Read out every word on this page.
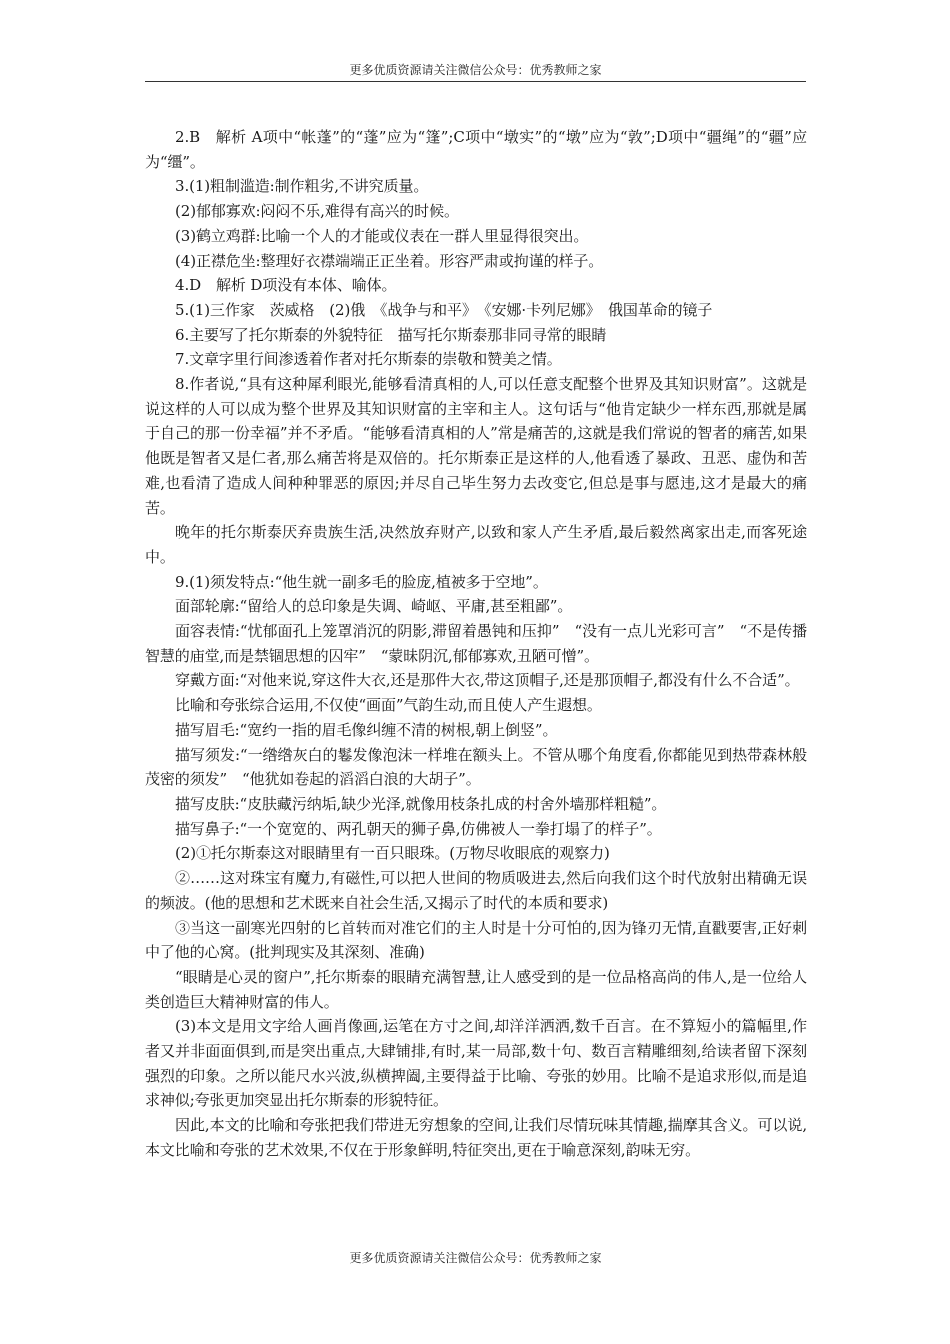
更多优质资源请关注微信公众号：优秀教师之家

2.B　解析 A项中“帐蓬”的“蓬”应为“篷”;C项中“墩实”的“墩”应为“敦”;D项中“疆绳”的“疆”应为“缰”。

3.(1)粗制滥造:制作粗劣,不讲究质量。

(2)郁郁寡欢:闷闷不乐,难得有高兴的时候。

(3)鹤立鸡群:比喻一个人的才能或仪表在一群人里显得很突出。

(4)正襟危坐:整理好衣襟端端正正坐着。形容严肃或拘谨的样子。

4.D　解析 D项没有本体、喻体。

5.(1)三作家　茨威格　(2)俄　《战争与和平》　《安娜·卡列尼娜》　俄国革命的镜子

6.主要写了托尔斯泰的外貌特征　描写托尔斯泰那非同寻常的眼睛

7.文章字里行间渗透着作者对托尔斯泰的崇敬和赞美之情。

8.作者说,“具有这种犀利眼光,能够看清真相的人,可以任意支配整个世界及其知识财富”。这就是说这样的人可以成为整个世界及其知识财富的主宰和主人。这句话与“他肯定缺少一样东西,那就是属于自己的那一份幸福”并不矛盾。“能够看清真相的人”常是痛苦的,这就是我们常说的智者的痛苦,如果他既是智者又是仁者,那么痛苦将是双倍的。托尔斯泰正是这样的人,他看透了暴政、丑恶、虚伪和苦难,也看清了造成人间种种罪恶的原因;并尽自己毕生努力去改变它,但总是事与愿违,这才是最大的痛苦。

晚年的托尔斯泰厌弃贵族生活,决然放弃财产,以致和家人产生矛盾,最后毅然离家出走,而客死途中。

9.(1)须发特点:“他生就一副多毛的脸庞,植被多于空地”。

面部轮廓:“留给人的总印象是失调、崎岖、平庸,甚至粗鄙”。

面容表情:“忧郁面孔上笼罩消沉的阴影,滞留着愚钝和压抑”　“没有一点儿光彩可言”　“不是传播智慧的庙堂,而是禁锢思想的囚牢”　“蒙昧阴沉,郁郁寡欢,丑陋可憎”。

穿戴方面:“对他来说,穿这件大衣,还是那件大衣,带这顶帽子,还是那顶帽子,都没有什么不合适”。

比喻和夸张综合运用,不仅使“画面”气韵生动,而且使人产生遐想。

描写眉毛:“宽约一指的眉毛像纠缠不清的树根,朝上倒竖”。

描写须发:“一绺绺灰白的鬈发像泡沫一样堆在额头上。不管从哪个角度看,你都能见到热带森林般茂密的须发”　“他犹如卷起的滔滔白浪的大胡子”。

描写皮肤:“皮肤藏污纳垢,缺少光泽,就像用枝条扎成的村舍外墙那样粗糙”。

描写鼻子:“一个宽宽的、两孔朝天的狮子鼻,仿佛被人一拳打塌了的样子”。

(2)①托尔斯泰这对眼睛里有一百只眼珠。(万物尽收眼底的观察力)

②……这对珠宝有魔力,有磁性,可以把人世间的物质吸进去,然后向我们这个时代放射出精确无误的频波。(他的思想和艺术既来自社会生活,又揭示了时代的本质和要求)

③当这一副寒光四射的匕首转而对准它们的主人时是十分可怕的,因为锋刃无情,直戳要害,正好刺中了他的心窝。(批判现实及其深刻、准确)

“眼睛是心灵的窗户”,托尔斯泰的眼睛充满智慧,让人感受到的是一位品格高尚的伟人,是一位给人类创造巨大精神财富的伟人。

(3)本文是用文字给人画肖像画,运笔在方寸之间,却洋洋洒洒,数千百言。在不算短小的篇幅里,作者又并非面面俱到,而是突出重点,大肆铺排,有时,某一局部,数十句、数百言精雕细刻,给读者留下深刻强烈的印象。之所以能尺水兴波,纵横捭阖,主要得益于比喻、夸张的妙用。比喻不是追求形似,而是追求神似;夸张更加突显出托尔斯泰的形貌特征。

因此,本文的比喻和夸张把我们带进无穷想象的空间,让我们尽情玩味其情趣,揣摩其含义。可以说,本文比喻和夸张的艺术效果,不仅在于形象鲜明,特征突出,更在于喻意深刻,韵味无穷。

更多优质资源请关注微信公众号：优秀教师之家
